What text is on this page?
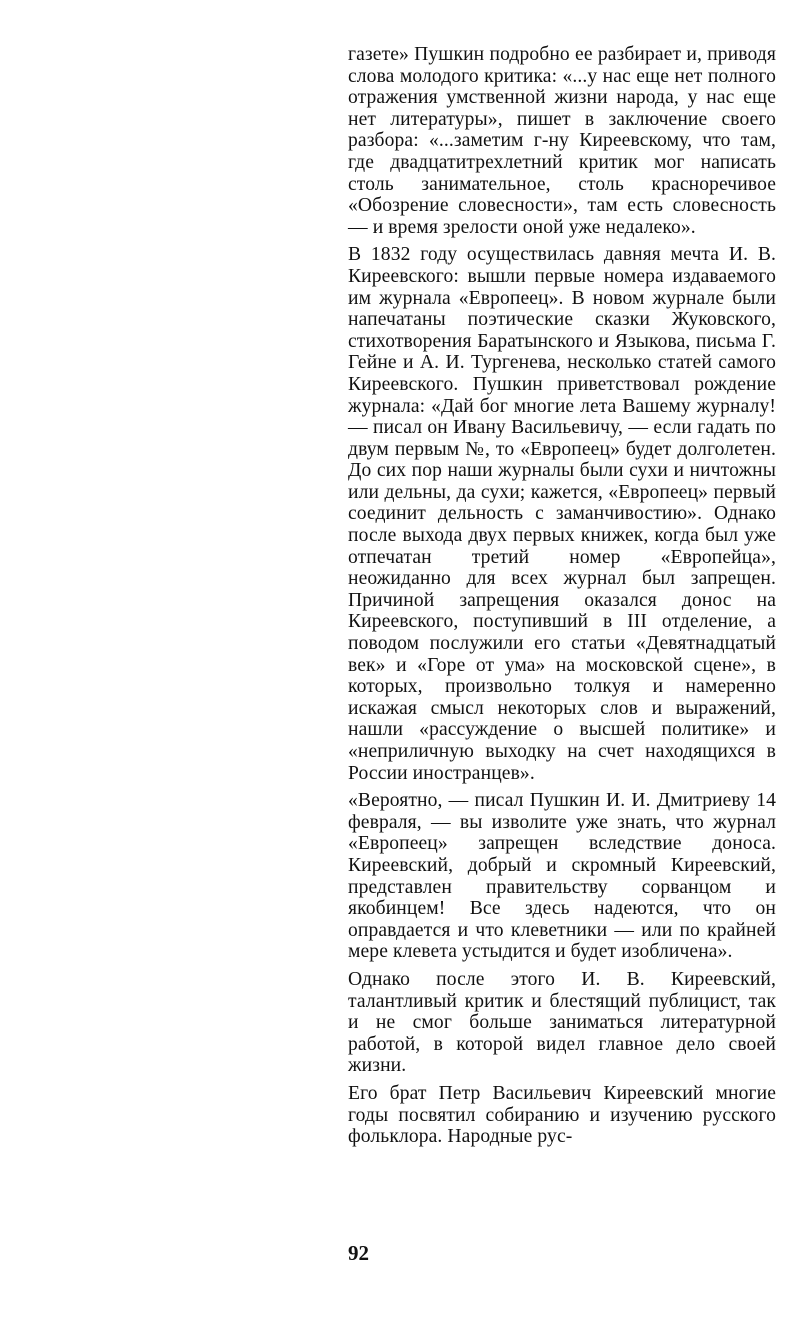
газете» Пушкин подробно ее разбирает и, приводя слова молодого критика: «...у нас еще нет полного отражения умственной жизни народа, у нас еще нет литературы», пишет в заключение своего разбора: «...заметим г-ну Киреевскому, что там, где двадцатитрехлетний критик мог написать столь занимательное, столь красноречивое «Обозрение словесности», там есть словесность — и время зрелости оной уже недалеко».

В 1832 году осуществилась давняя мечта И. В. Киреевского: вышли первые номера издаваемого им журнала «Европеец». В новом журнале были напечатаны поэтические сказки Жуковского, стихотворения Баратынского и Языкова, письма Г. Гейне и А. И. Тургенева, несколько статей самого Киреевского. Пушкин приветствовал рождение журнала: «Дай бог многие лета Вашему журналу! — писал он Ивану Васильевичу, — если гадать по двум первым №, то «Европеец» будет долголетен. До сих пор наши журналы были сухи и ничтожны или дельны, да сухи; кажется, «Европеец» первый соединит дельность с заманчивостию». Однако после выхода двух первых книжек, когда был уже отпечатан третий номер «Европейца», неожиданно для всех журнал был запрещен. Причиной запрещения оказался донос на Киреевского, поступивший в III отделение, а поводом послужили его статьи «Девятнадцатый век» и «Горе от ума» на московской сцене», в которых, произвольно толкуя и намеренно искажая смысл некоторых слов и выражений, нашли «рассуждение о высшей политике» и «неприличную выходку на счет находящихся в России иностранцев».

«Вероятно, — писал Пушкин И. И. Дмитриеву 14 февраля, — вы изволите уже знать, что журнал «Европеец» запрещен вследствие доноса. Киреевский, добрый и скромный Киреевский, представлен правительству сорванцом и якобинцем! Все здесь надеются, что он оправдается и что клеветники — или по крайней мере клевета устыдится и будет изобличена».

Однако после этого И. В. Киреевский, талантливый критик и блестящий публицист, так и не смог больше заниматься литературной работой, в которой видел главное дело своей жизни.

Его брат Петр Васильевич Киреевский многие годы посвятил собиранию и изучению русского фольклора. Народные рус-

92
